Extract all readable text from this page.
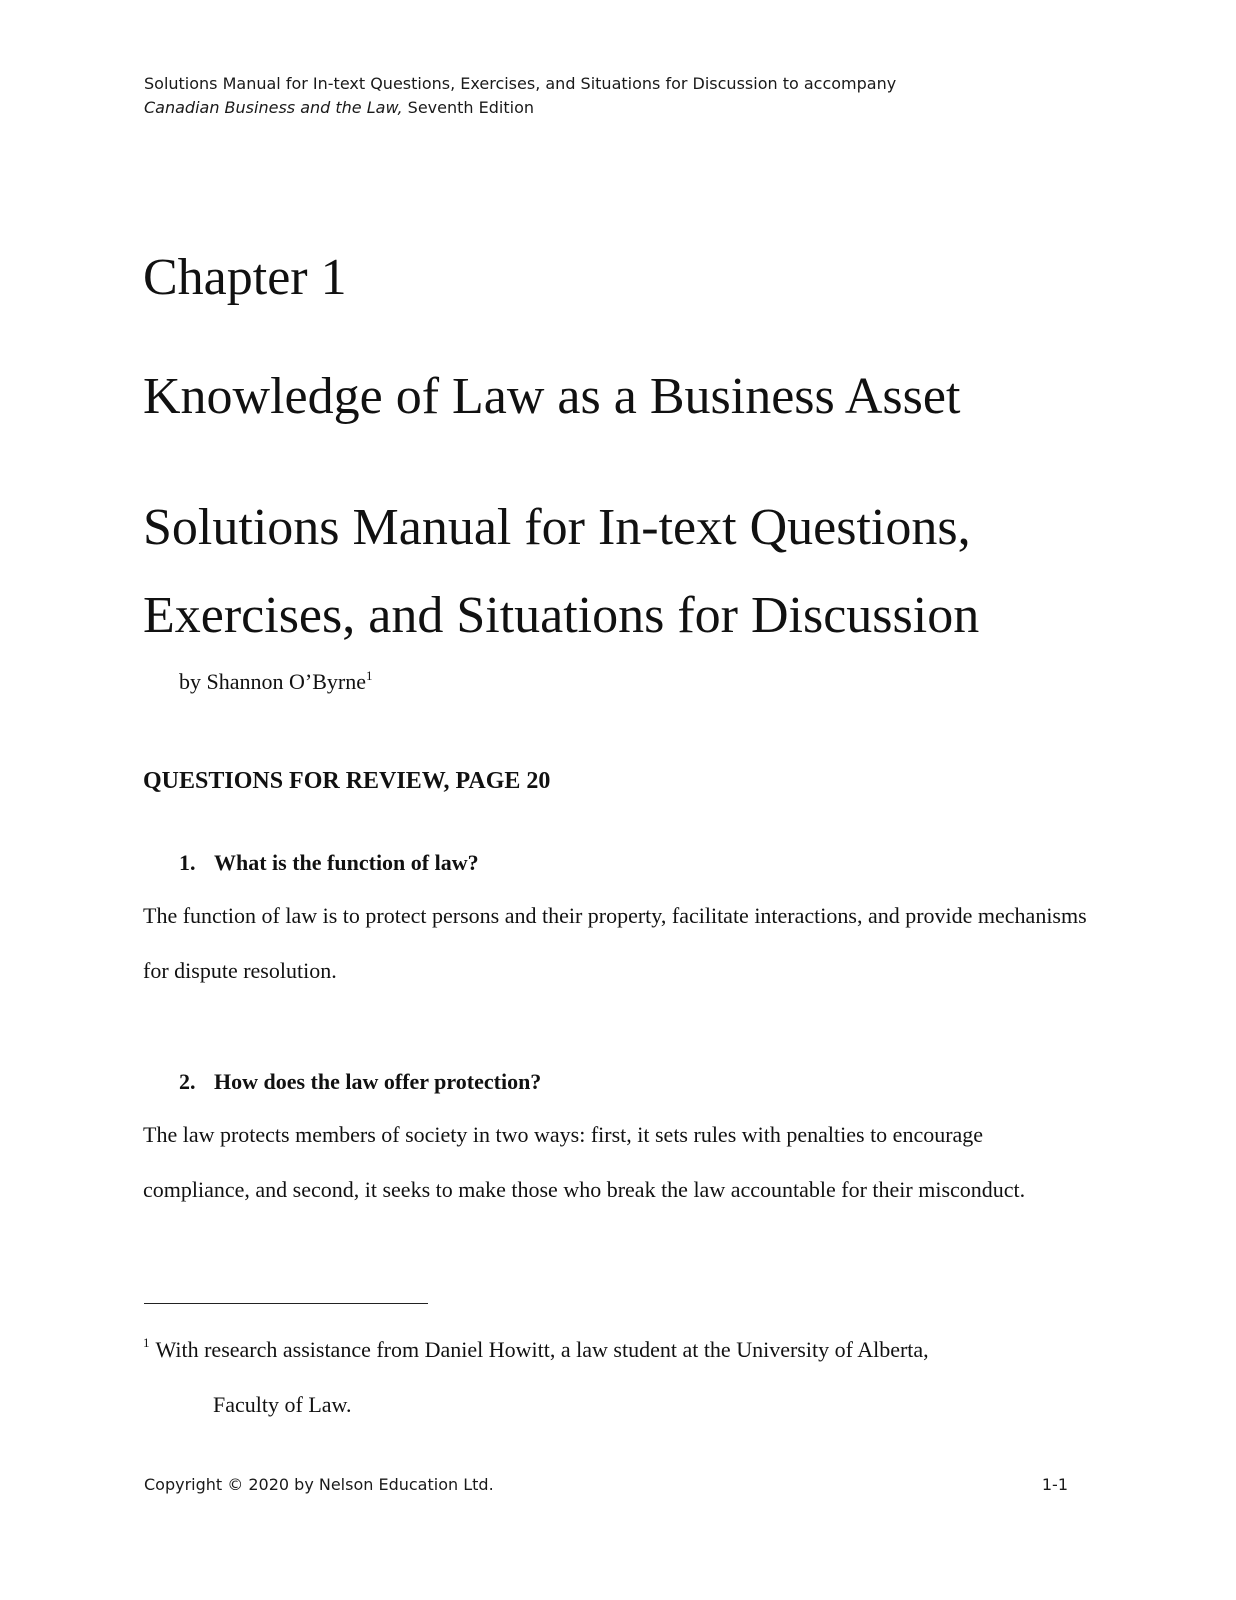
Solutions Manual for In-text Questions, Exercises, and Situations for Discussion to accompany
Canadian Business and the Law, Seventh Edition
Chapter 1
Knowledge of Law as a Business Asset
Solutions Manual for In-text Questions,
Exercises, and Situations for Discussion
by Shannon O’Byrne$^1$
QUESTIONS FOR REVIEW, PAGE 20
1. What is the function of law?
The function of law is to protect persons and their property, facilitate interactions, and provide mechanisms for dispute resolution.
2. How does the law offer protection?
The law protects members of society in two ways: first, it sets rules with penalties to encourage compliance, and second, it seeks to make those who break the law accountable for their misconduct.
$^1$ With research assistance from Daniel Howitt, a law student at the University of Alberta,
Faculty of Law.
Copyright © 2020 by Nelson Education Ltd.	1-1
